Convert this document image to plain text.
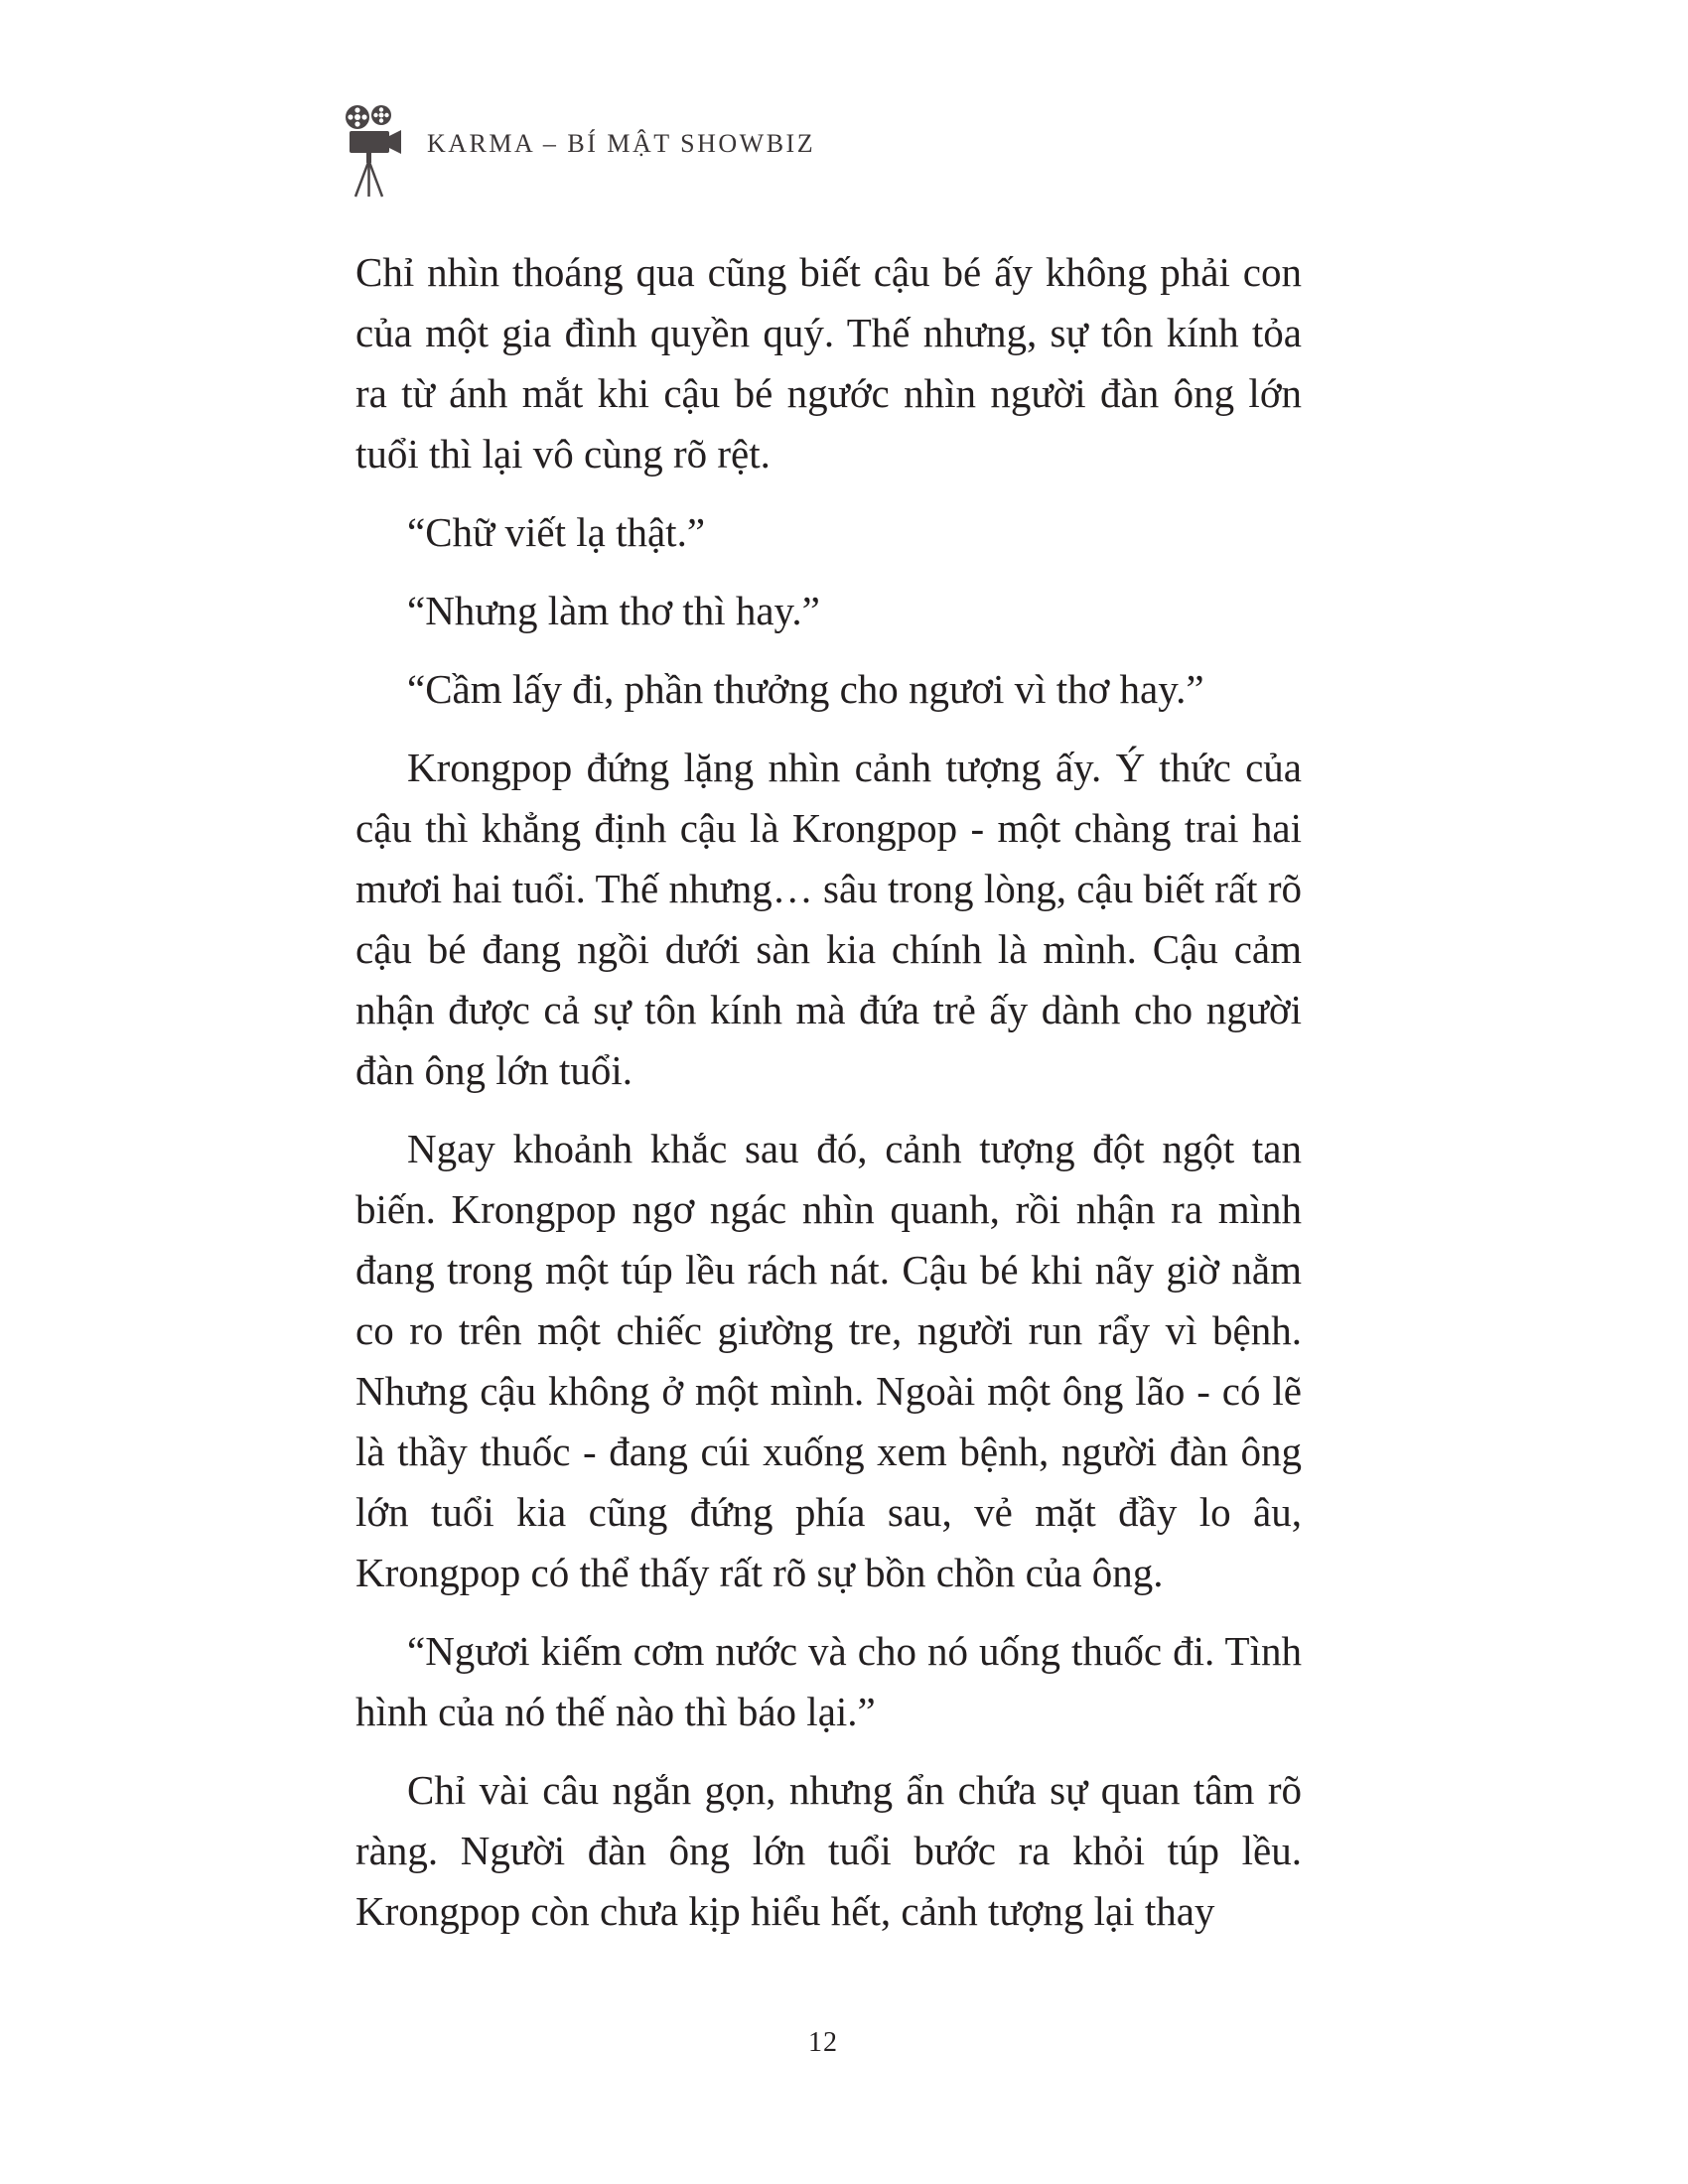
KARMA – BÍ MẬT SHOWBIZ

Chỉ nhìn thoáng qua cũng biết cậu bé ấy không phải con của một gia đình quyền quý. Thế nhưng, sự tôn kính tỏa ra từ ánh mắt khi cậu bé ngước nhìn người đàn ông lớn tuổi thì lại vô cùng rõ rệt.

“Chữ viết lạ thật.”

“Nhưng làm thơ thì hay.”

“Cầm lấy đi, phần thưởng cho ngươi vì thơ hay.”

Krongpop đứng lặng nhìn cảnh tượng ấy. Ý thức của cậu thì khẳng định cậu là Krongpop - một chàng trai hai mươi hai tuổi. Thế nhưng… sâu trong lòng, cậu biết rất rõ cậu bé đang ngồi dưới sàn kia chính là mình. Cậu cảm nhận được cả sự tôn kính mà đứa trẻ ấy dành cho người đàn ông lớn tuổi.

Ngay khoảnh khắc sau đó, cảnh tượng đột ngột tan biến. Krongpop ngơ ngác nhìn quanh, rồi nhận ra mình đang trong một túp lều rách nát. Cậu bé khi nãy giờ nằm co ro trên một chiếc giường tre, người run rẩy vì bệnh. Nhưng cậu không ở một mình. Ngoài một ông lão - có lẽ là thầy thuốc - đang cúi xuống xem bệnh, người đàn ông lớn tuổi kia cũng đứng phía sau, vẻ mặt đầy lo âu, Krongpop có thể thấy rất rõ sự bồn chồn của ông.

“Ngươi kiếm cơm nước và cho nó uống thuốc đi. Tình hình của nó thế nào thì báo lại.”

Chỉ vài câu ngắn gọn, nhưng ẩn chứa sự quan tâm rõ ràng. Người đàn ông lớn tuổi bước ra khỏi túp lều. Krongpop còn chưa kịp hiểu hết, cảnh tượng lại thay

12
